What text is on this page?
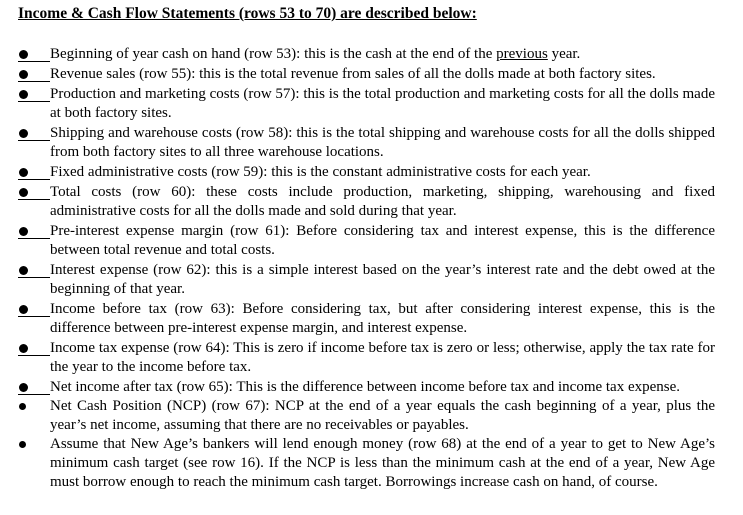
Income & Cash Flow Statements (rows 53 to 70) are described below:
Beginning of year cash on hand (row 53): this is the cash at the end of the previous year.
Revenue sales (row 55): this is the total revenue from sales of all the dolls made at both factory sites.
Production and marketing costs (row 57): this is the total production and marketing costs for all the dolls made at both factory sites.
Shipping and warehouse costs (row 58): this is the total shipping and warehouse costs for all the dolls shipped from both factory sites to all three warehouse locations.
Fixed administrative costs (row 59): this is the constant administrative costs for each year.
Total costs (row 60): these costs include production, marketing, shipping, warehousing and fixed administrative costs for all the dolls made and sold during that year.
Pre-interest expense margin (row 61): Before considering tax and interest expense, this is the difference between total revenue and total costs.
Interest expense (row 62): this is a simple interest based on the year’s interest rate and the debt owed at the beginning of that year.
Income before tax (row 63): Before considering tax, but after considering interest expense, this is the difference between pre-interest expense margin, and interest expense.
Income tax expense (row 64): This is zero if income before tax is zero or less; otherwise, apply the tax rate for the year to the income before tax.
Net income after tax (row 65): This is the difference between income before tax and income tax expense.
Net Cash Position (NCP) (row 67): NCP at the end of a year equals the cash beginning of a year, plus the year’s net income, assuming that there are no receivables or payables.
Assume that New Age’s bankers will lend enough money (row 68) at the end of a year to get to New Age’s minimum cash target (see row 16). If the NCP is less than the minimum cash at the end of a year, New Age must borrow enough to reach the minimum cash target. Borrowings increase cash on hand, of course.
